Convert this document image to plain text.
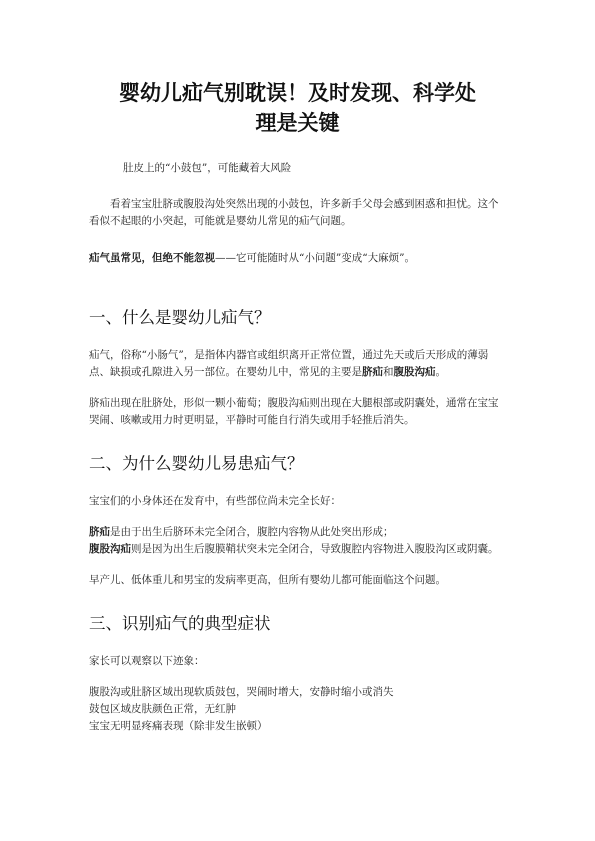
婴幼儿疝气别耽误！及时发现、科学处
理是关键

肚皮上的“小鼓包”，可能藏着大风险

看着宝宝肚脐或腹股沟处突然出现的小鼓包，许多新手父母会感到困惑和担忧。这个看似不起眼的小突起，可能就是婴幼儿常见的疝气问题。

疝气虽常见，但绝不能忽视——它可能随时从“小问题”变成“大麻烦”。

一、什么是婴幼儿疝气？

疝气，俗称“小肠气”，是指体内器官或组织离开正常位置，通过先天或后天形成的薄弱点、缺损或孔隙进入另一部位。在婴幼儿中，常见的主要是脐疝和腹股沟疝。

脐疝出现在肚脐处，形似一颗小葡萄；腹股沟疝则出现在大腿根部或阴囊处，通常在宝宝哭闹、咳嗽或用力时更明显，平静时可能自行消失或用手轻推后消失。

二、为什么婴幼儿易患疝气？

宝宝们的小身体还在发育中，有些部位尚未完全长好：

脐疝是由于出生后脐环未完全闭合，腹腔内容物从此处突出形成；
腹股沟疝则是因为出生后腹膜鞘状突未完全闭合，导致腹腔内容物进入腹股沟区或阴囊。

早产儿、低体重儿和男宝的发病率更高，但所有婴幼儿都可能面临这个问题。

三、识别疝气的典型症状

家长可以观察以下迹象：

腹股沟或肚脐区域出现软质鼓包，哭闹时增大，安静时缩小或消失
鼓包区域皮肤颜色正常，无红肿
宝宝无明显疼痛表现（除非发生嵌顿）
